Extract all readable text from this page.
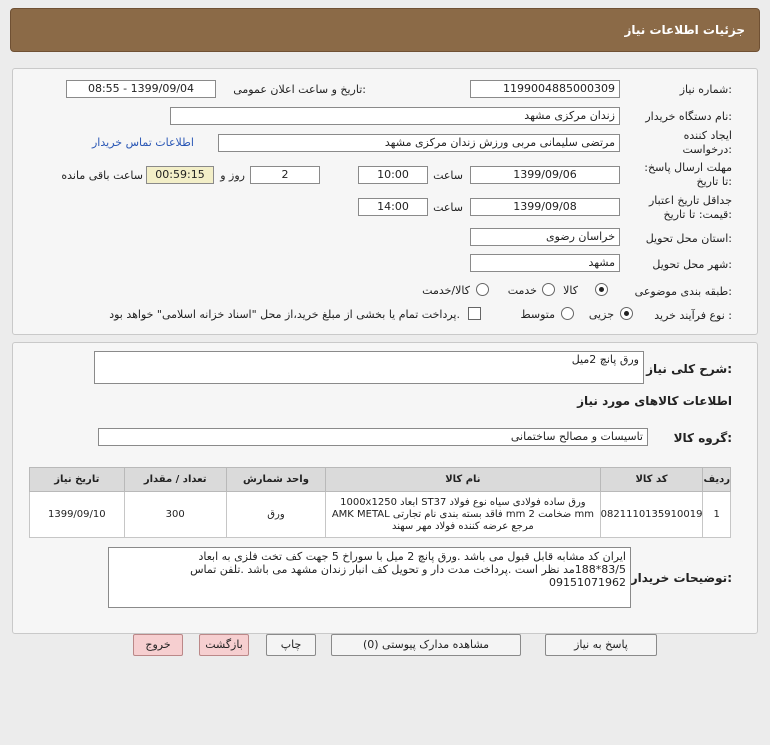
جزئیات اطلاعات نیاز
شماره نیاز:
1199004885000309
تاریخ و ساعت اعلان عمومی:
1399/09/04 - 08:55
نام دستگاه خریدار:
زندان مرکزی مشهد
ایجاد کننده درخواست:
مرتضی سلیمانی مربی ورزش زندان مرکزی مشهد
اطلاعات تماس خریدار
مهلت ارسال پاسخ: تا تاریخ:
1399/09/06
ساعت
10:00
2
روز و
00:59:15
ساعت باقی مانده
جداقل تاریخ اعتبار قیمت: تا تاریخ:
1399/09/08
ساعت
14:00
استان محل تحویل:
خراسان رضوی
شهر محل تحویل:
مشهد
طبقه بندی موضوعی:
کالا
خدمت
کالا/خدمت
نوع فرآیند خرید :
جزیی
متوسط
پرداخت تمام یا بخشی از مبلغ خرید،از محل "اسناد خزانه اسلامی" خواهد بود.
شرح کلی نیاز:
ورق پانچ 2میل
اطلاعات کالاهای مورد نیاز
گروه کالا:
تاسیسات و مصالح ساختمانی
ردیف	کد کالا	نام کالا	واحد شمارش	تعداد / مقدار	تاریخ نیاز
1	0821110135910019	ورق ساده فولادی سیاه نوع فولاد ST37 ابعاد 1000x1250
mm ضخامت 2 mm فاقد بسته بندی نام تجارتی AMK METAL
مرجع عرضه کننده فولاد مهر سهند	ورق	300	1399/09/10
توضیحات خریدار:
ایران کد مشابه قابل قبول می باشد .ورق پانچ 2 میل با سوراخ 5 جهت کف تخت فلزی به ابعاد
83/5*188مد نظر است .پرداخت مدت دار و تحویل کف انبار زندان مشهد می باشد .تلفن تماس
09151071962
پاسخ به نیاز
مشاهده مدارک پیوستی (0)
چاپ
بازگشت
خروج
